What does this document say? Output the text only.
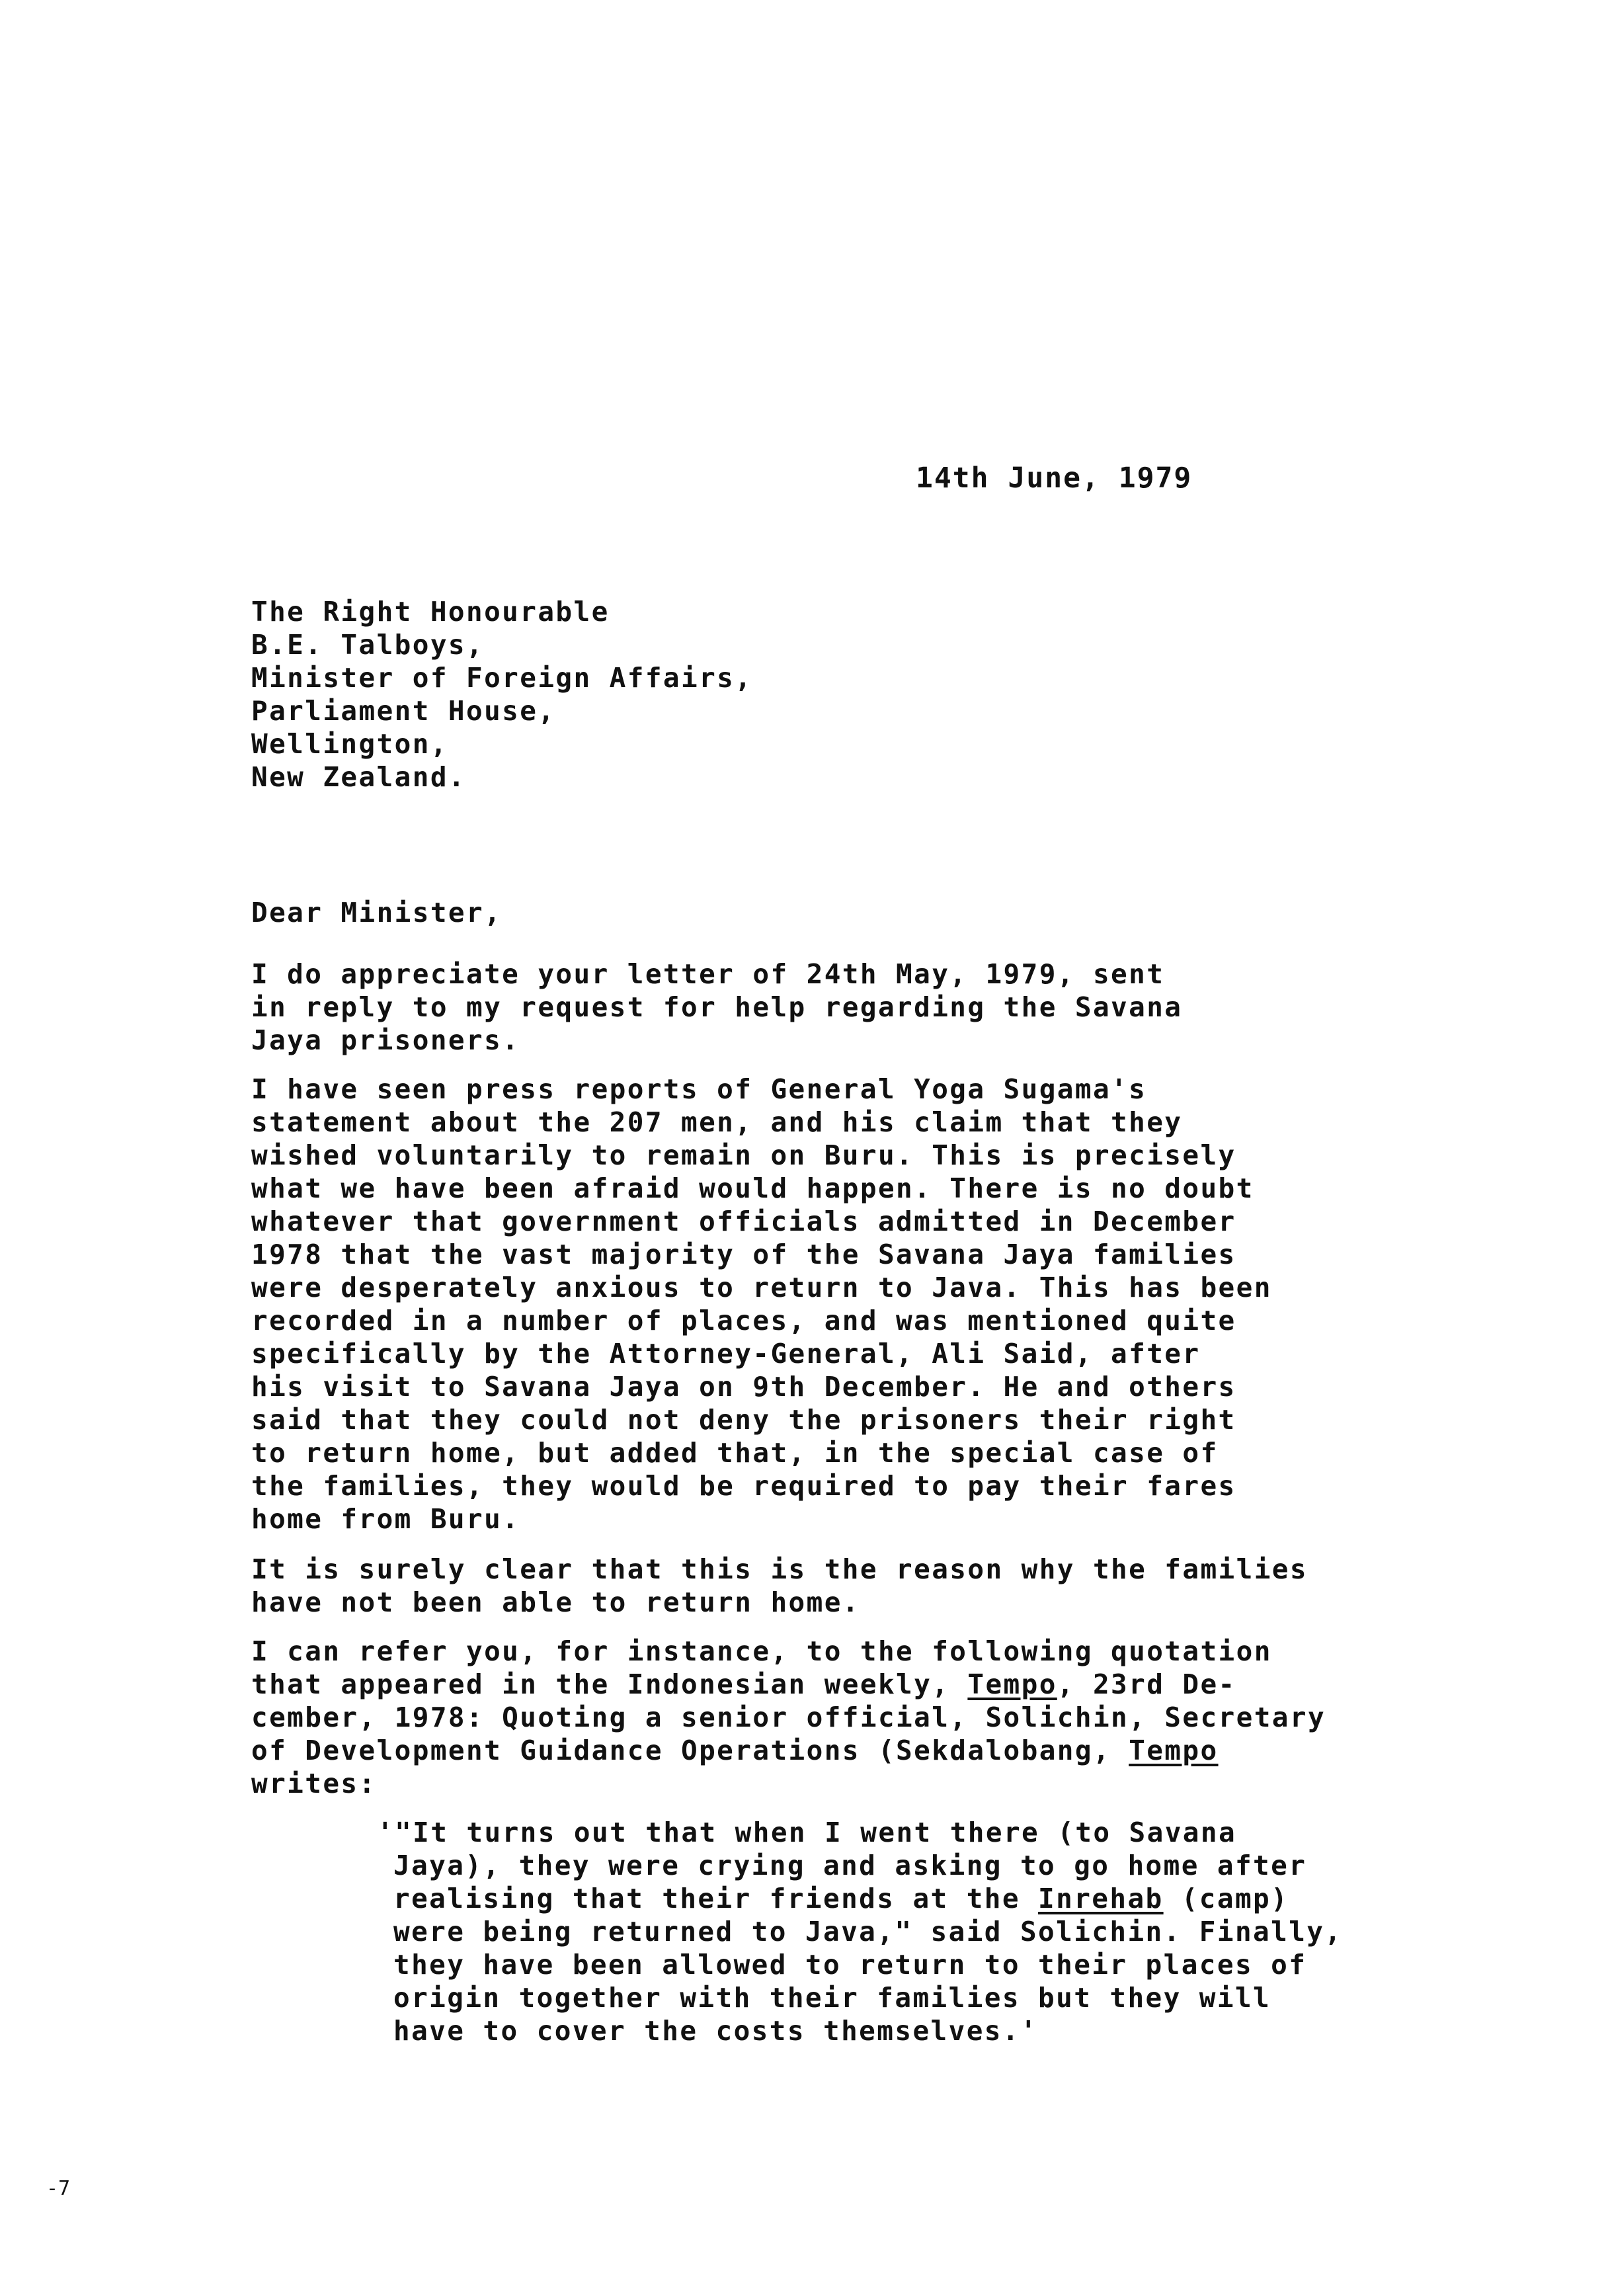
14th June, 1979
The Right Honourable
B.E. Talboys,
Minister of Foreign Affairs,
Parliament House,
Wellington,
New Zealand.
Dear Minister,
I do appreciate your letter of 24th May, 1979, sent
in reply to my request for help regarding the Savana
Jaya prisoners.
I have seen press reports of General Yoga Sugama's
statement about the 207 men, and his claim that they
wished voluntarily to remain on Buru. This is precisely
what we have been afraid would happen. There is no doubt
whatever that government officials admitted in December
1978 that the vast majority of the Savana Jaya families
were desperately anxious to return to Java. This has been
recorded in a number of places, and was mentioned quite
specifically by the Attorney-General, Ali Said, after
his visit to Savana Jaya on 9th December. He and others
said that they could not deny the prisoners their right
to return home, but added that, in the special case of
the families, they would be required to pay their fares
home from Buru.
It is surely clear that this is the reason why the families
have not been able to return home.
I can refer you, for instance, to the following quotation
that appeared in the Indonesian weekly, Tempo, 23rd De-
cember, 1978: Quoting a senior official, Solichin, Secretary
of Development Guidance Operations (Sekdalobang, Tempo
writes:
'"It turns out that when I went there (to Savana
Jaya), they were crying and asking to go home after
realising that their friends at the Inrehab (camp)
were being returned to Java," said Solichin. Finally,
they have been allowed to return to their places of
origin together with their families but they will
have to cover the costs themselves.'
-7
